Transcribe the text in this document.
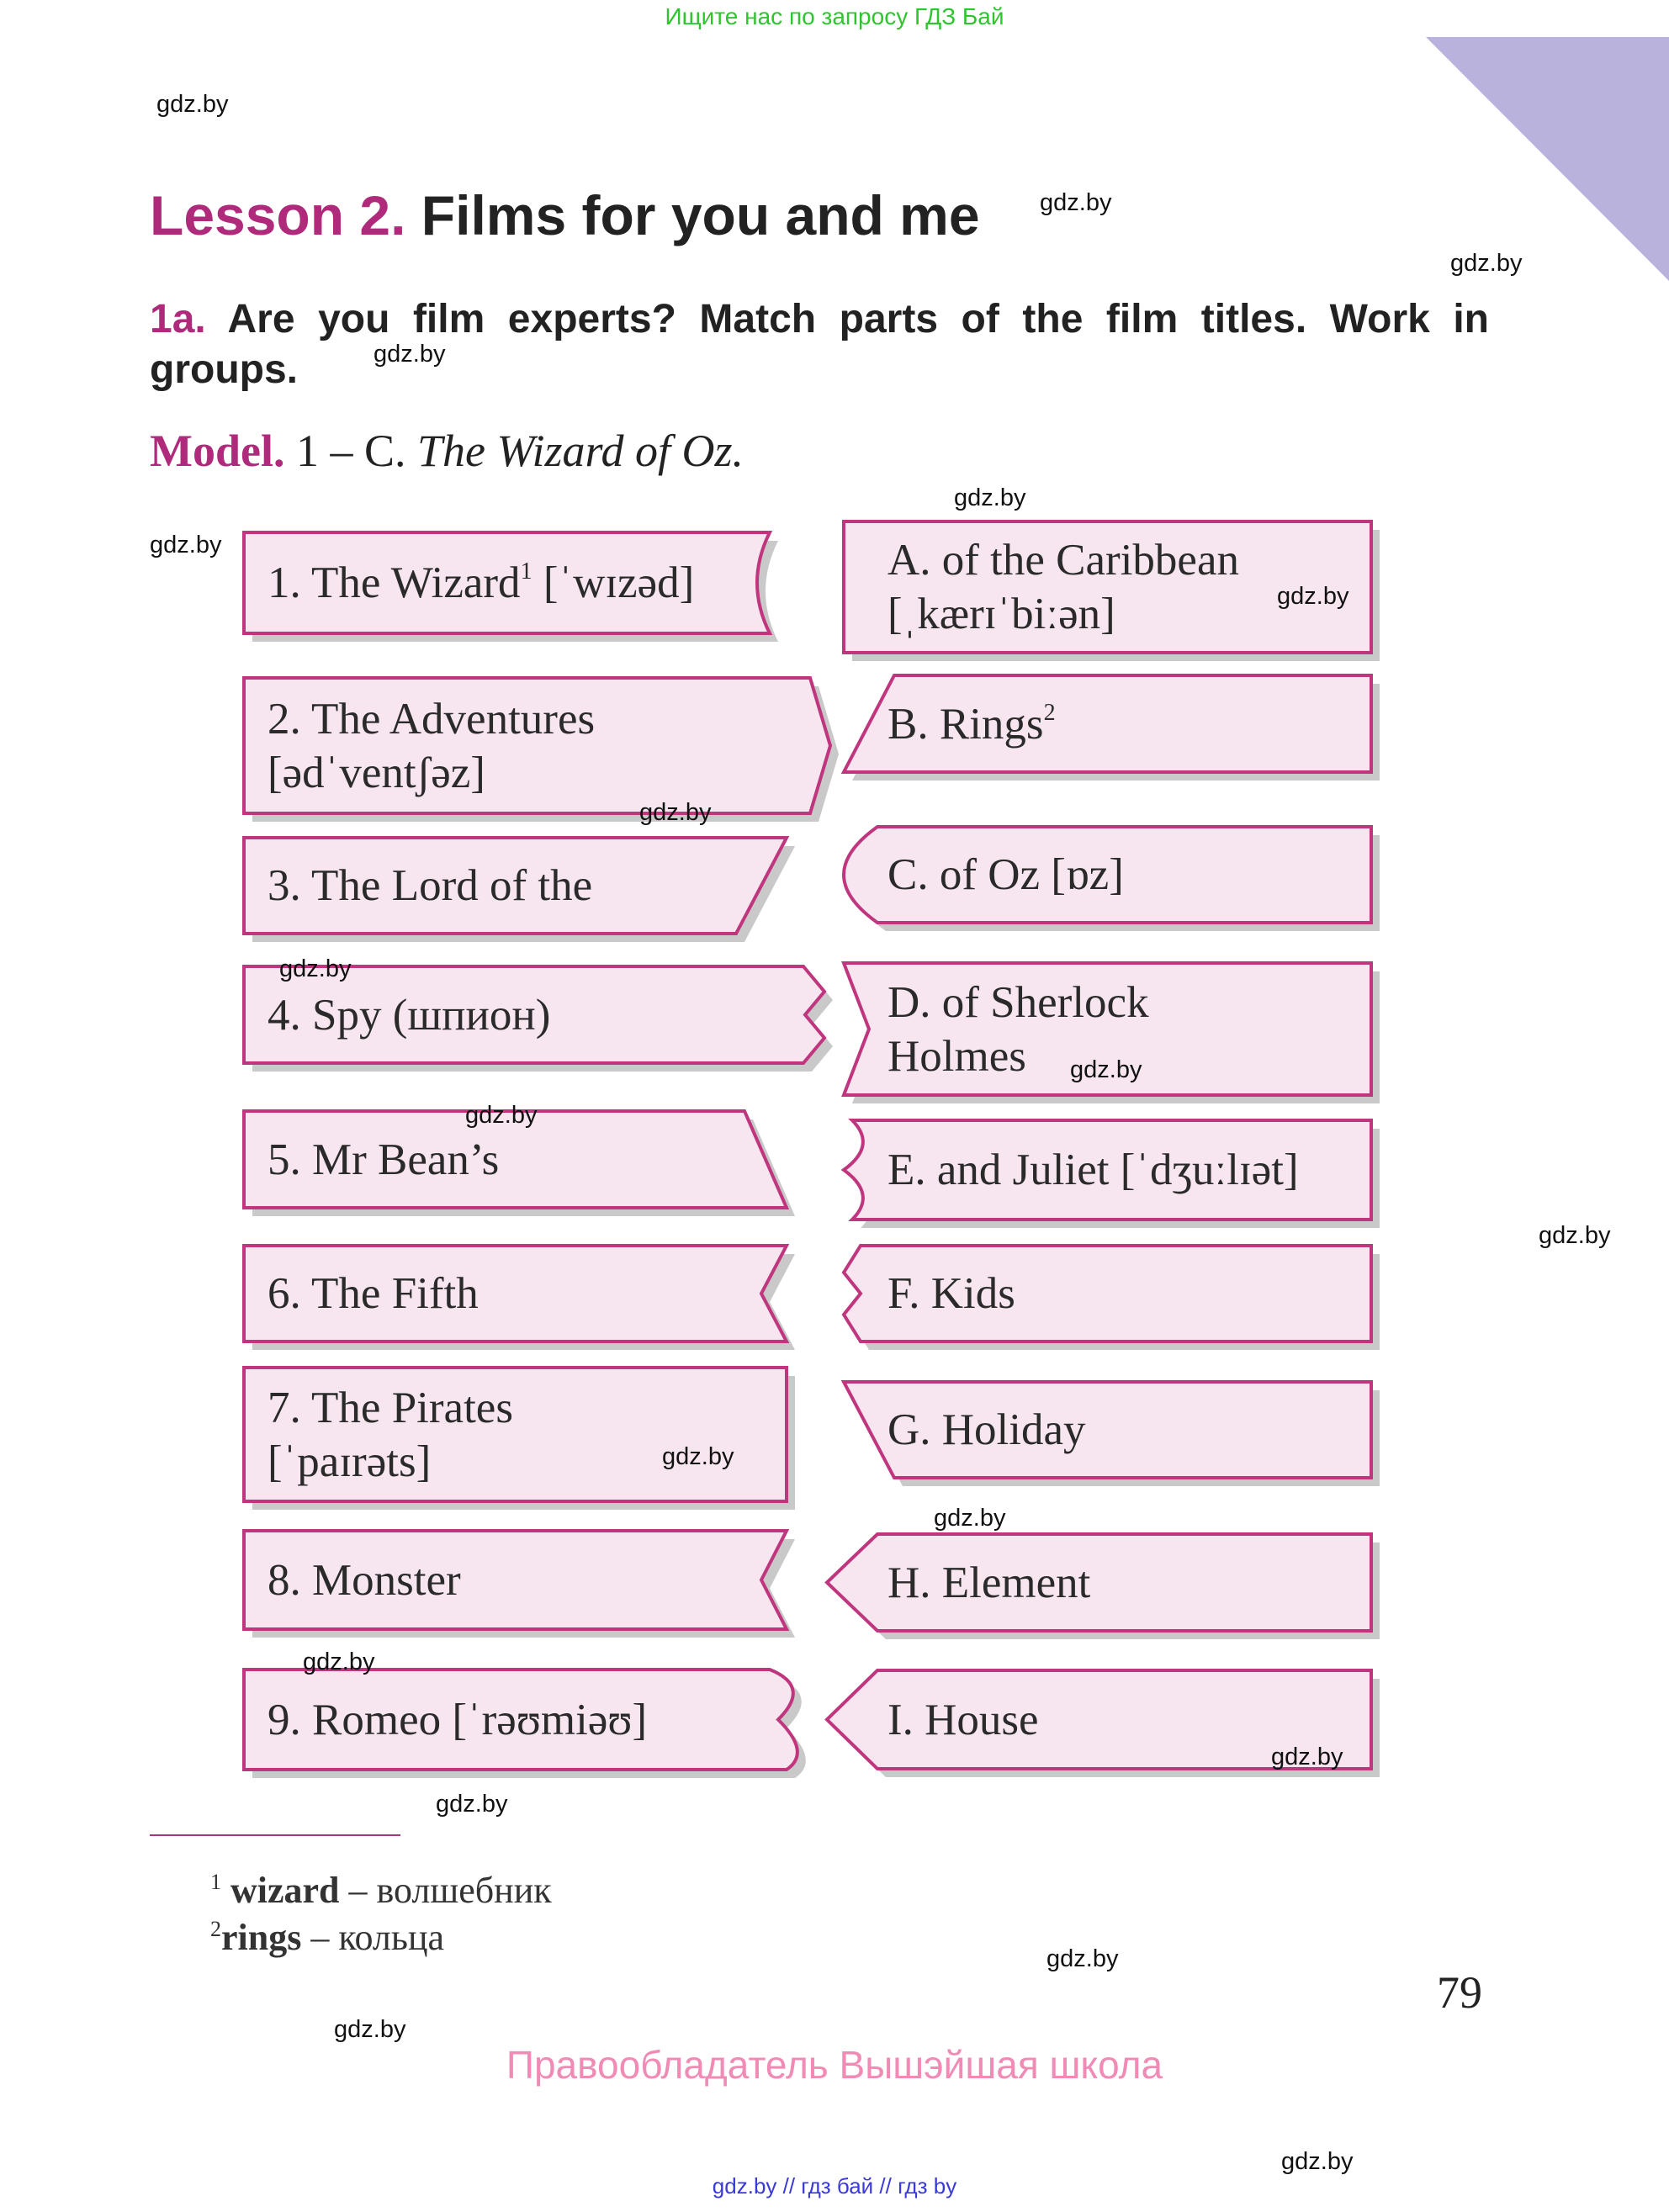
Ищите нас по запросу ГДЗ Бай
gdz.by
gdz.by
gdz.by
gdz.by
gdz.by
gdz.by
Lesson 2. Films for you and me
1a. Are you film experts? Match parts of the film titles. Work in groups.
Model. 1 – C. The Wizard of Oz.
1. The Wizard$^1$ [ˈwɪzəd]
2. The Adventures
[ədˈventʃəz]
3. The Lord of the
4. Spy (шпион)
5. Mr Bean’s
6. The Fifth
7. The Pirates
[ˈpaɪrəts]
8. Monster
9. Romeo [ˈrəʊmiəʊ]
A. of the Caribbean
[ˌkærɪˈbiːən]
B. Rings$^2$
C. of Oz [ɒz]
D. of Sherlock
Holmes
E. and Juliet [ˈdʒuːlɪət]
F. Kids
G. Holiday
H. Element
I. House
gdz.by
gdz.by
gdz.by
gdz.by
gdz.by
gdz.by
gdz.by
gdz.by
gdz.by
gdz.by
gdz.by
gdz.by
gdz.by
gdz.by
$^1$ wizard – волшебник
$^2$rings – кольца
79
Правообладатель Вышэйшая школа
gdz.by // гдз бай // гдз by
